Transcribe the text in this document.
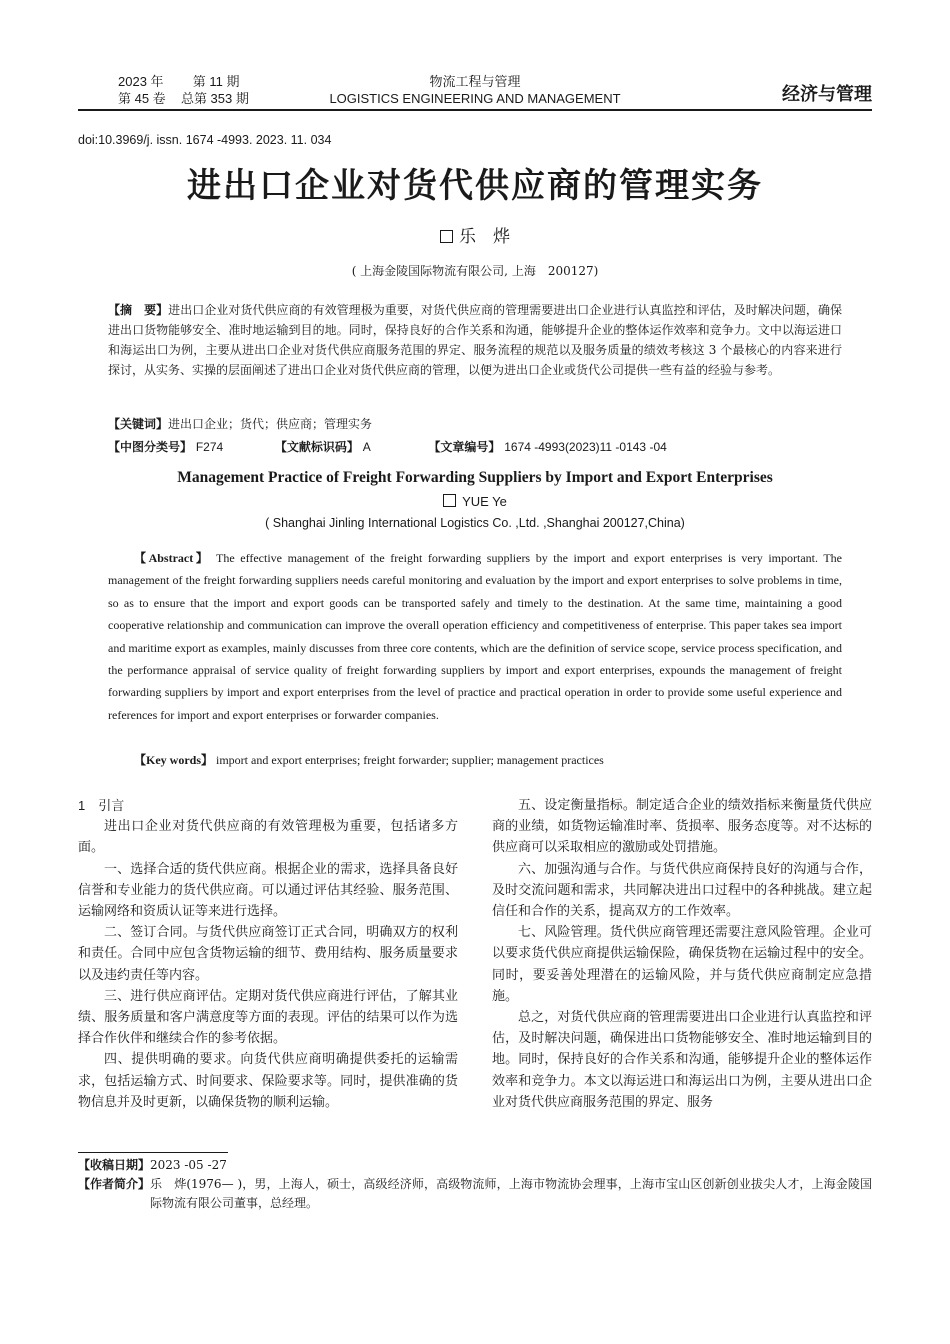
2023 年 第 11 期
第 45 卷 总第 353 期
物流工程与管理
LOGISTICS ENGINEERING AND MANAGEMENT	经济与管理
doi:10.3969/j. issn. 1674 -4993. 2023. 11. 034
进出口企业对货代供应商的管理实务
乐　烨
( 上海金陵国际物流有限公司, 上海　200127)
【摘　要】进出口企业对货代供应商的有效管理极为重要，对货代供应商的管理需要进出口企业进行认真监控和评估，及时解决问题，确保进出口货物能够安全、准时地运输到目的地。同时，保持良好的合作关系和沟通，能够提升企业的整体运作效率和竞争力。文中以海运进口和海运出口为例，主要从进出口企业对货代供应商服务范围的界定、服务流程的规范以及服务质量的绩效考核这 3 个最核心的内容来进行探讨，从实务、实操的层面阐述了进出口企业对货代供应商的管理，以便为进出口企业或货代公司提供一些有益的经验与参考。
【关键词】进出口企业；货代；供应商；管理实务
【中图分类号】 F274	【文献标识码】 A	【文章编号】 1674 -4993(2023)11 -0143 -04
Management Practice of Freight Forwarding Suppliers by Import and Export Enterprises
YUE Ye
( Shanghai Jinling International Logistics Co. ,Ltd. ,Shanghai 200127,China)
【Abstract】 The effective management of the freight forwarding suppliers by the import and export enterprises is very important. The management of the freight forwarding suppliers needs careful monitoring and evaluation by the import and export enterprises to solve problems in time, so as to ensure that the import and export goods can be transported safely and timely to the destination. At the same time, maintaining a good cooperative relationship and communication can improve the overall operation efficiency and competitiveness of enterprise. This paper takes sea import and maritime export as examples, mainly discusses from three core contents, which are the definition of service scope, service process specification, and the performance appraisal of service quality of freight forwarding suppliers by import and export enterprises, expounds the management of freight forwarding suppliers by import and export enterprises from the level of practice and practical operation in order to provide some useful experience and references for import and export enterprises or forwarder companies.
【Key words】 import and export enterprises; freight forwarder; supplier; management practices

1　引言

进出口企业对货代供应商的有效管理极为重要，包括诸多方面。

一、选择合适的货代供应商。根据企业的需求，选择具备良好信誉和专业能力的货代供应商。可以通过评估其经验、服务范围、运输网络和资质认证等来进行选择。

二、签订合同。与货代供应商签订正式合同，明确双方的权利和责任。合同中应包含货物运输的细节、费用结构、服务质量要求以及违约责任等内容。

三、进行供应商评估。定期对货代供应商进行评估，了解其业绩、服务质量和客户满意度等方面的表现。评估的结果可以作为选择合作伙伴和继续合作的参考依据。

四、提供明确的要求。向货代供应商明确提供委托的运输需求，包括运输方式、时间要求、保险要求等。同时，提供准确的货物信息并及时更新，以确保货物的顺利运输。

五、设定衡量指标。制定适合企业的绩效指标来衡量货代供应商的业绩，如货物运输准时率、货损率、服务态度等。对不达标的供应商可以采取相应的激励或处罚措施。

六、加强沟通与合作。与货代供应商保持良好的沟通与合作，及时交流问题和需求，共同解决进出口过程中的各种挑战。建立起信任和合作的关系，提高双方的工作效率。

七、风险管理。货代供应商管理还需要注意风险管理。企业可以要求货代供应商提供运输保险，确保货物在运输过程中的安全。同时，要妥善处理潜在的运输风险，并与货代供应商制定应急措施。

总之，对货代供应商的管理需要进出口企业进行认真监控和评估，及时解决问题，确保进出口货物能够安全、准时地运输到目的地。同时，保持良好的合作关系和沟通，能够提升企业的整体运作效率和竞争力。本文以海运进口和海运出口为例，主要从进出口企业对货代供应商服务范围的界定、服务

【收稿日期】2023 -05 -27
【作者简介】 乐　烨(1976— )，男，上海人，硕士，高级经济师，高级物流师，上海市物流协会理事，上海市宝山区创新创业拔尖人才，上海金陵国际物流有限公司董事，总经理。
